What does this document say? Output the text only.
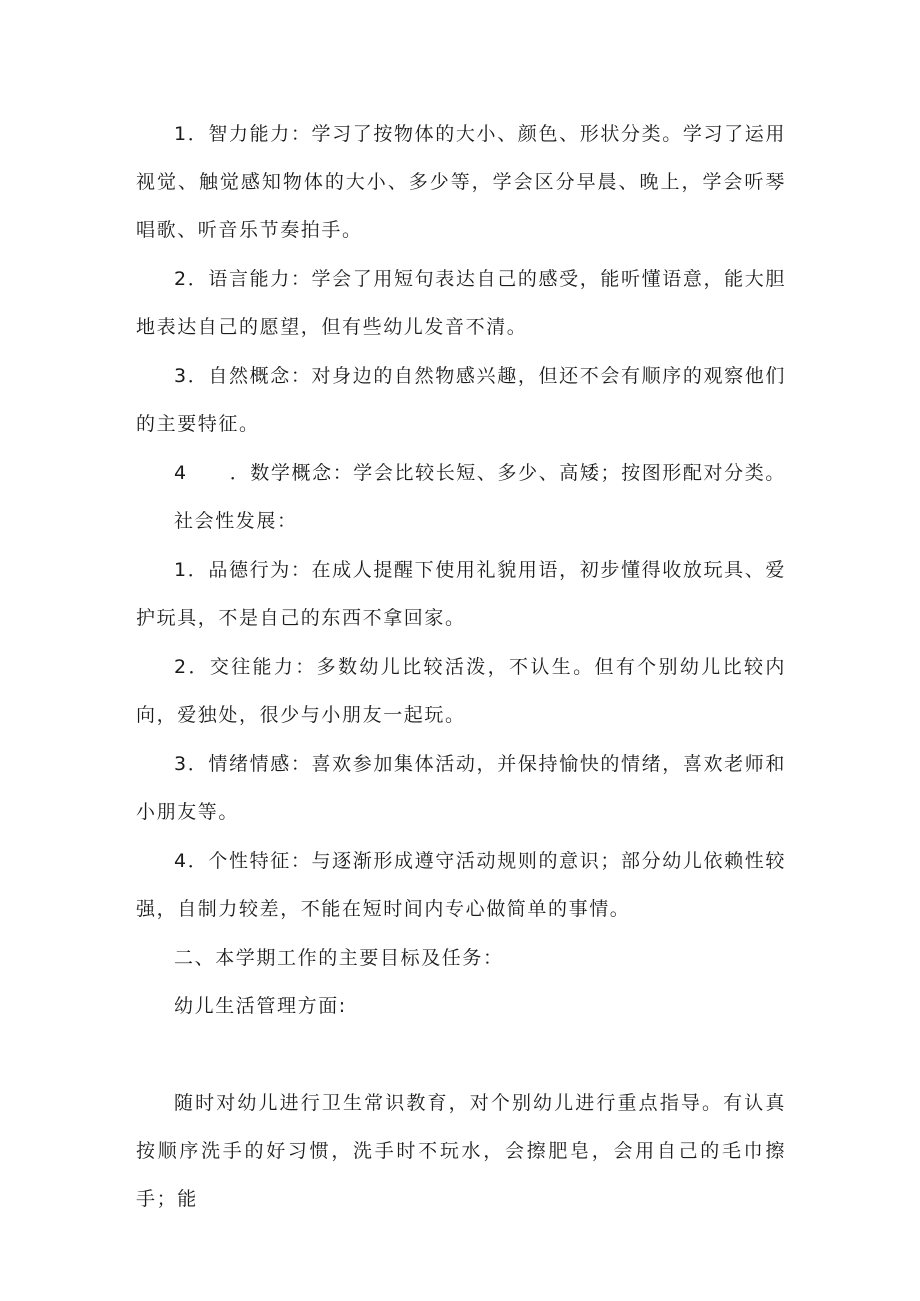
1．智力能力：学习了按物体的大小、颜色、形状分类。学习了运用视觉、触觉感知物体的大小、多少等，学会区分早晨、晚上，学会听琴唱歌、听音乐节奏拍手。

2．语言能力：学会了用短句表达自己的感受，能听懂语意，能大胆地表达自己的愿望，但有些幼儿发音不清。

3．自然概念：对身边的自然物感兴趣，但还不会有顺序的观察他们的主要特征。

4 ．数学概念：学会比较长短、多少、高矮；按图形配对分类。

社会性发展：

1．品德行为：在成人提醒下使用礼貌用语，初步懂得收放玩具、爱护玩具，不是自己的东西不拿回家。

2．交往能力：多数幼儿比较活泼，不认生。但有个别幼儿比较内向，爱独处，很少与小朋友一起玩。

3．情绪情感：喜欢参加集体活动，并保持愉快的情绪，喜欢老师和小朋友等。

4．个性特征：与逐渐形成遵守活动规则的意识；部分幼儿依赖性较强，自制力较差，不能在短时间内专心做简单的事情。

二、本学期工作的主要目标及任务：

幼儿生活管理方面:

随时对幼儿进行卫生常识教育，对个别幼儿进行重点指导。有认真按顺序洗手的好习惯，洗手时不玩水，会擦肥皂，会用自己的毛巾擦手；能
